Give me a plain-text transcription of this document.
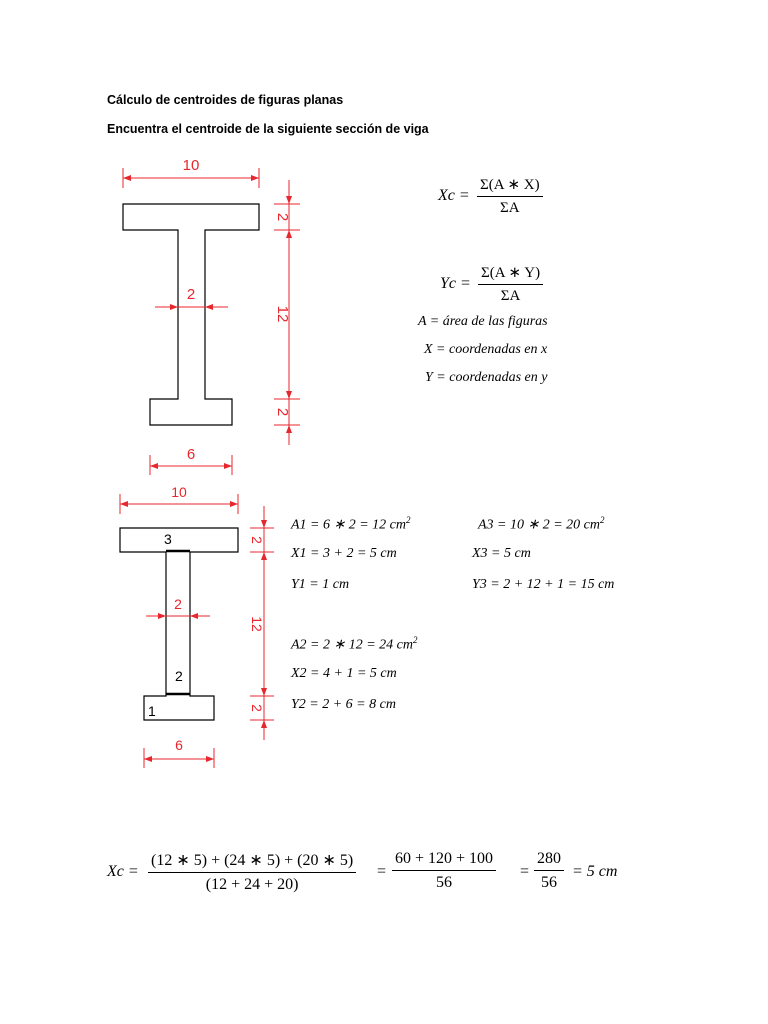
Cálculo de centroides de figuras planas
Encuentra el centroide de la siguiente sección de viga
10
6
2
2
12
2
10
6
2
2
12
2
3
2
1
$Xc = \frac{\Sigma(A ∗ X)}{\Sigma A}$
$Yc = \frac{\Sigma(A ∗ Y)}{\Sigma A}$
A = área de las figuras
X = coordenadas en x
Y = coordenadas en y
A1 = 6 ∗ 2 = 12 $cm^2$
X1 = 3 + 2 = 5 cm
Y1 = 1 cm
A3 = 10 ∗ 2 = 20 $cm^2$
X3 = 5 cm
Y3 = 2 + 12 + 1 = 15 cm
A2 = 2 ∗ 12 = 24 $cm^2$
X2 = 4 + 1 = 5 cm
Y2 = 2 + 6 = 8 cm
$Xc = \frac{(12 ∗ 5) + (24 ∗ 5) + (20 ∗ 5)}{(12 + 24 + 20)} = \frac{60 + 120 + 100}{56} = \frac{280}{56} = 5$ cm
